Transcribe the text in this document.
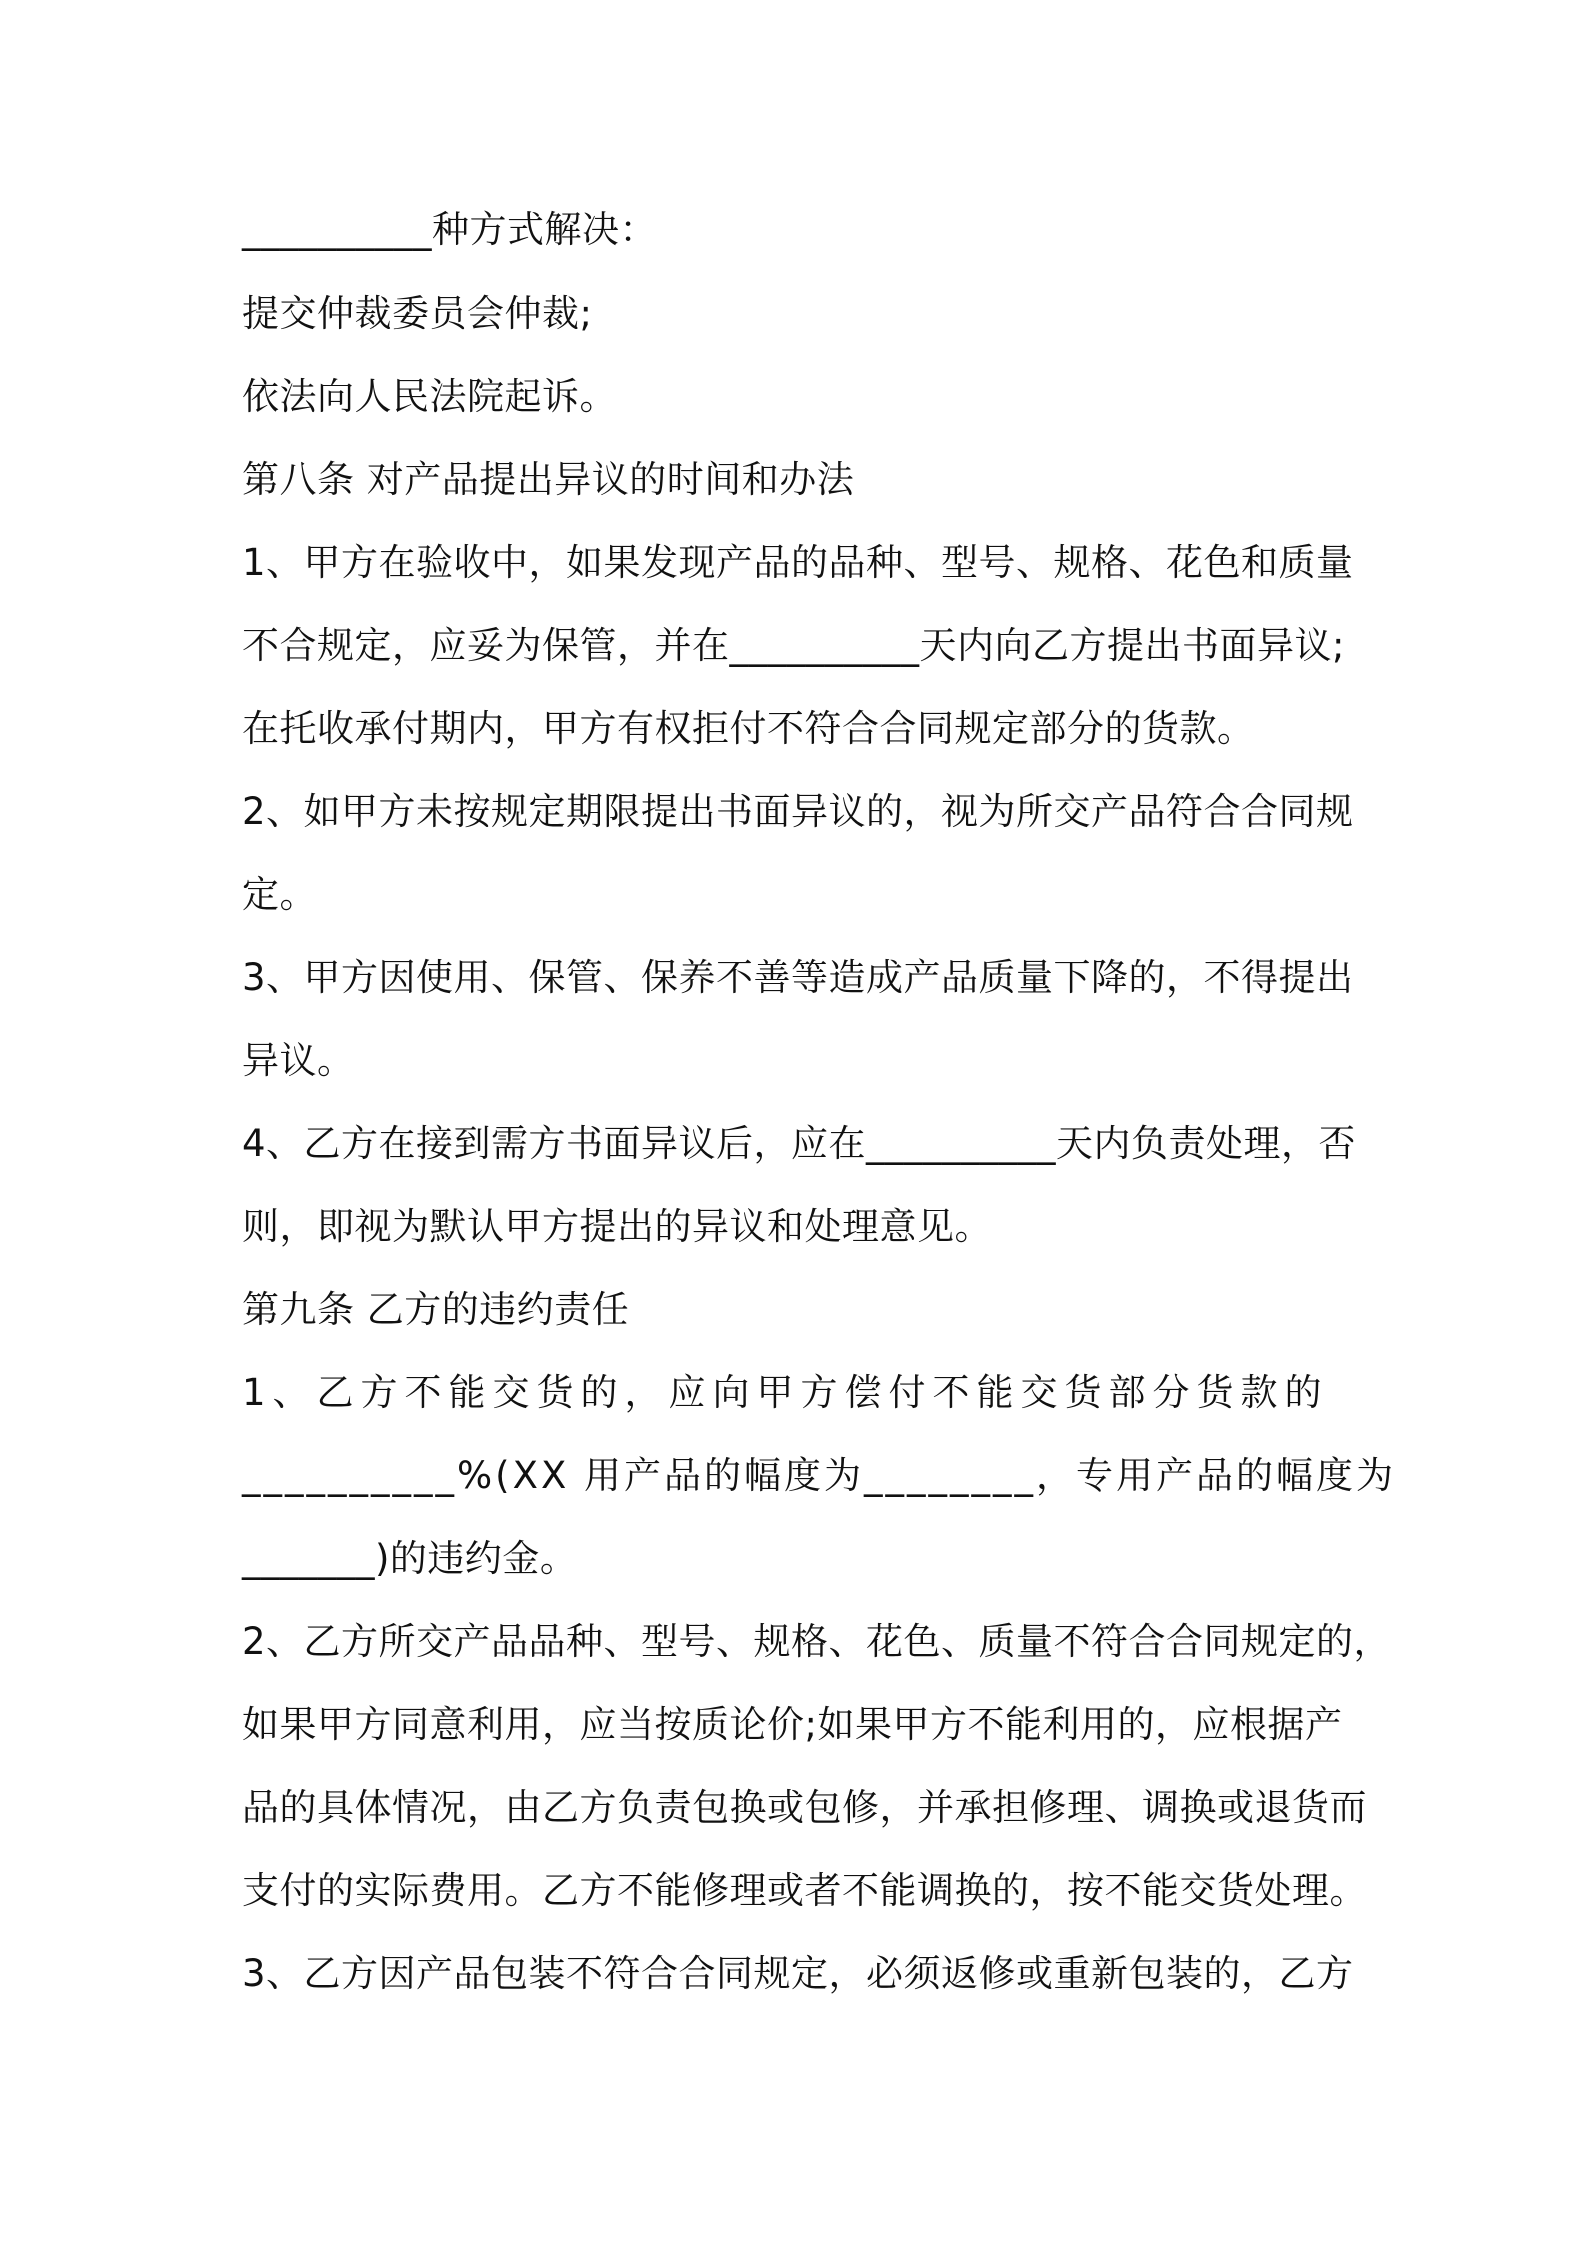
__________种方式解决：
提交仲裁委员会仲裁;
依法向人民法院起诉。
第八条 对产品提出异议的时间和办法
1、甲方在验收中，如果发现产品的品种、型号、规格、花色和质量
不合规定，应妥为保管，并在__________天内向乙方提出书面异议;
在托收承付期内，甲方有权拒付不符合合同规定部分的货款。
2、如甲方未按规定期限提出书面异议的，视为所交产品符合合同规
定。
3、甲方因使用、保管、保养不善等造成产品质量下降的，不得提出
异议。
4、乙方在接到需方书面异议后，应在__________天内负责处理，否
则，即视为默认甲方提出的异议和处理意见。
第九条 乙方的违约责任
1、乙方不能交货的，应向甲方偿付不能交货部分货款的
__________%(XX 用产品的幅度为________，专用产品的幅度为
_______)的违约金。
2、乙方所交产品品种、型号、规格、花色、质量不符合合同规定的，
如果甲方同意利用，应当按质论价;如果甲方不能利用的，应根据产
品的具体情况，由乙方负责包换或包修，并承担修理、调换或退货而
支付的实际费用。乙方不能修理或者不能调换的，按不能交货处理。
3、乙方因产品包装不符合合同规定，必须返修或重新包装的，乙方
